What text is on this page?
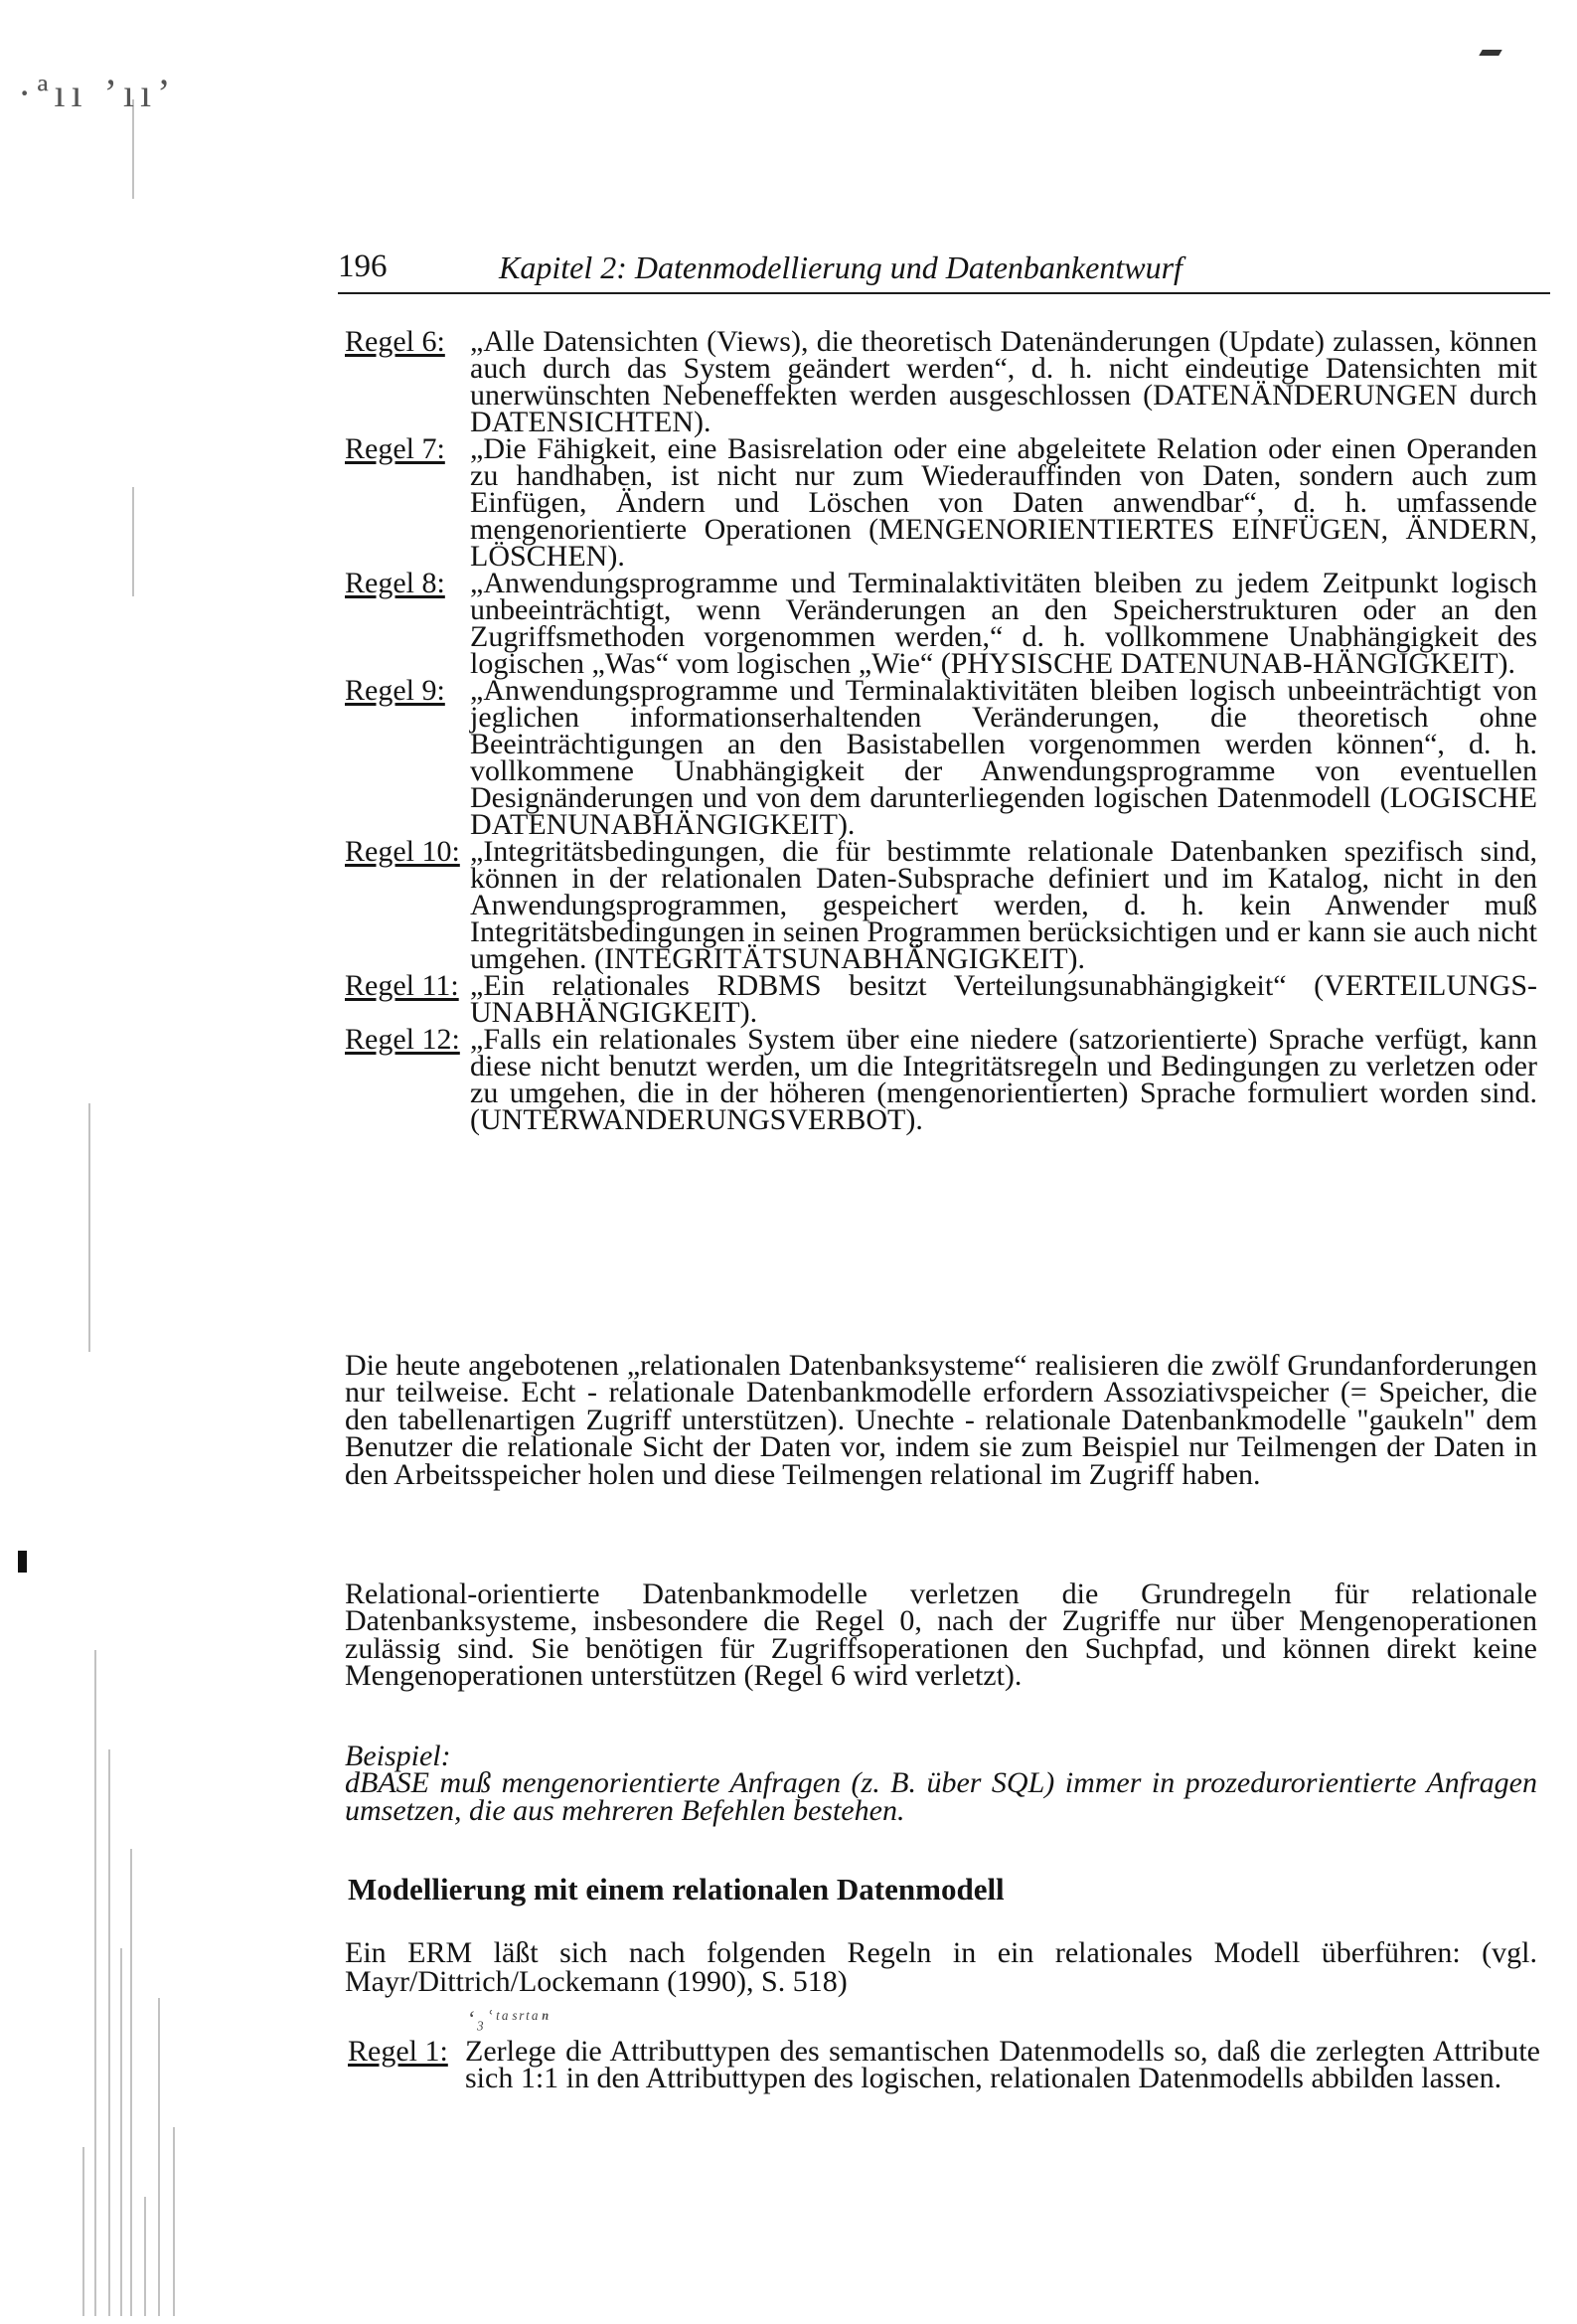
·ªıı ’ıı’
196	Kapitel 2: Datenmodellierung und Datenbankentwurf
Regel 6: „Alle Datensichten (Views), die theoretisch Datenänderungen (Update) zulassen, können auch durch das System geändert werden“, d. h. nicht eindeutige Datensichten mit unerwünschten Nebeneffekten werden ausgeschlossen (DATENÄNDERUNGEN durch DATENSICHTEN).
Regel 7: „Die Fähigkeit, eine Basisrelation oder eine abgeleitete Relation oder einen Operanden zu handhaben, ist nicht nur zum Wiederauffinden von Daten, sondern auch zum Einfügen, Ändern und Löschen von Daten anwendbar“, d. h. umfassende mengenorientierte Operationen (MENGENORIENTIERTES EINFÜGEN, ÄNDERN, LÖSCHEN).
Regel 8: „Anwendungsprogramme und Terminalaktivitäten bleiben zu jedem Zeitpunkt logisch unbeeinträchtigt, wenn Veränderungen an den Speicherstrukturen oder an den Zugriffsmethoden vorgenommen werden,“ d. h. vollkommene Unabhängigkeit des logischen „Was“ vom logischen „Wie“ (PHYSISCHE DATENUNAB-HÄNGIGKEIT).
Regel 9: „Anwendungsprogramme und Terminalaktivitäten bleiben logisch unbeeinträchtigt von jeglichen informationserhaltenden Veränderungen, die theoretisch ohne Beeinträchtigungen an den Basistabellen vorgenommen werden können“, d. h. vollkommene Unabhängigkeit der Anwendungsprogramme von eventuellen Designänderungen und von dem darunterliegenden logischen Datenmodell (LOGISCHE DATENUNABHÄNGIGKEIT).
Regel 10: „Integritätsbedingungen, die für bestimmte relationale Datenbanken spezifisch sind, können in der relationalen Daten-Subsprache definiert und im Katalog, nicht in den Anwendungsprogrammen, gespeichert werden, d. h. kein Anwender muß Integritätsbedingungen in seinen Programmen berücksichtigen und er kann sie auch nicht umgehen. (INTEGRITÄTSUNABHÄNGIGKEIT).
Regel 11: „Ein relationales RDBMS besitzt Verteilungsunabhängigkeit“ (VERTEILUNGS-UNABHÄNGIGKEIT).
Regel 12: „Falls ein relationales System über eine niedere (satzorientierte) Sprache verfügt, kann diese nicht benutzt werden, um die Integritätsregeln und Bedingungen zu verletzen oder zu umgehen, die in der höheren (mengenorientierten) Sprache formuliert worden sind. (UNTERWANDERUNGSVERBOT).

Die heute angebotenen „relationalen Datenbanksysteme“ realisieren die zwölf Grundanforderungen nur teilweise. Echt - relationale Datenbankmodelle erfordern Assoziativspeicher (= Speicher, die den tabellenartigen Zugriff unterstützen). Unechte - relationale Datenbankmodelle "gaukeln" dem Benutzer die relationale Sicht der Daten vor, indem sie zum Beispiel nur Teilmengen der Daten in den Arbeitsspeicher holen und diese Teilmengen relational im Zugriff haben.

Relational-orientierte Datenbankmodelle verletzen die Grundregeln für relationale Datenbanksysteme, insbesondere die Regel 0, nach der Zugriffe nur über Mengenoperationen zulässig sind. Sie benötigen für Zugriffsoperationen den Suchpfad, und können direkt keine Mengenoperationen unterstützen (Regel 6 wird verletzt).

Beispiel:
dBASE muß mengenorientierte Anfragen (z. B. über SQL) immer in prozedurorientierte Anfragen umsetzen, die aus mehreren Befehlen bestehen.
Modellierung mit einem relationalen Datenmodell

Ein ERM läßt sich nach folgenden Regeln in ein relationales Modell überführen: (vgl. Mayr/Dittrich/Lockemann (1990), S. 518)

‘₃ʿᵗᵃˢʳᵗᵃⁿ
Regel 1: Zerlege die Attributtypen des semantischen Datenmodells so, daß die zerlegten Attribute sich 1:1 in den Attributtypen des logischen, relationalen Datenmodells abbilden lassen.
